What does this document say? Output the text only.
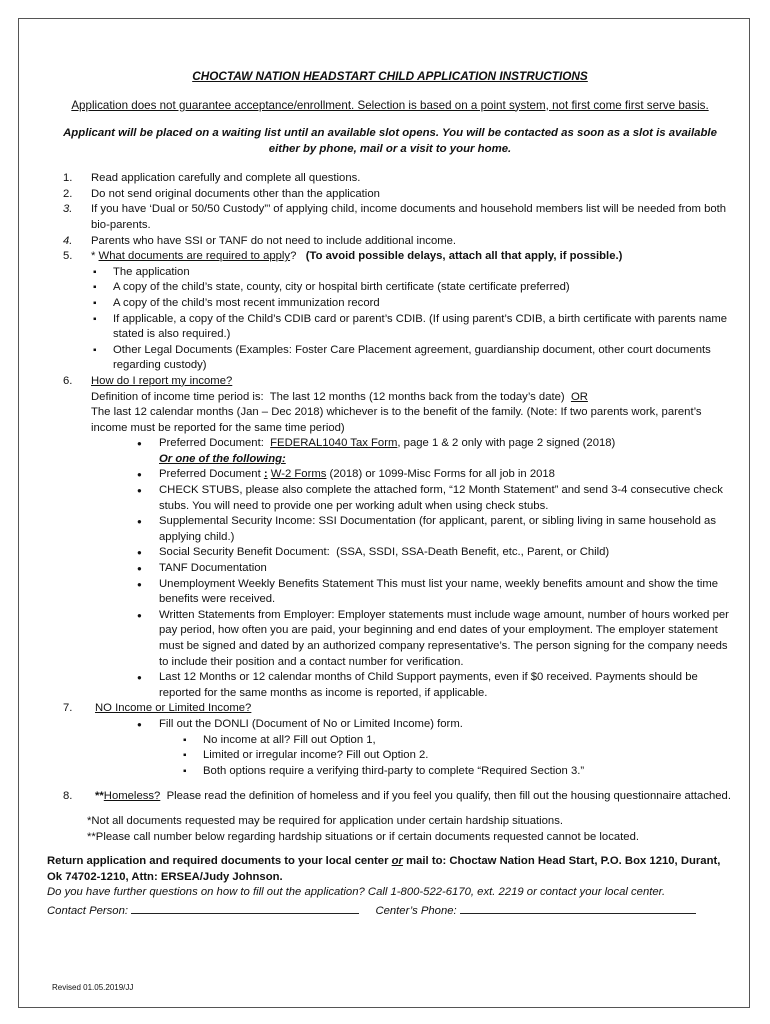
CHOCTAW NATION HEADSTART CHILD APPLICATION INSTRUCTIONS

Application does not guarantee acceptance/enrollment. Selection is based on a point system, not first come first serve basis.

Applicant will be placed on a waiting list until an available slot opens. You will be contacted as soon as a slot is available either by phone, mail or a visit to your home.

1. Read application carefully and complete all questions.
2. Do not send original documents other than the application
3. If you have ‘Dual or 50/50 Custody”’ of applying child, income documents and household members list will be needed from both bio-parents.
4. Parents who have SSI or TANF do not need to include additional income.
5. * What documents are required to apply?   (To avoid possible delays, attach all that apply, if possible.)
▪ The application
▪ A copy of the child’s state, county, city or hospital birth certificate (state certificate preferred)
▪ A copy of the child’s most recent immunization record
▪ If applicable, a copy of the Child’s CDIB card or parent’s CDIB. (If using parent’s CDIB, a birth certificate with parents name stated is also required.)
▪ Other Legal Documents (Examples: Foster Care Placement agreement, guardianship document, other court documents regarding custody)
6. How do I report my income?
Definition of income time period is:  The last 12 months (12 months back from the today’s date)  OR
The last 12 calendar months (Jan – Dec 2018) whichever is to the benefit of the family. (Note: If two parents work, parent’s income must be reported for the same time period)
● Preferred Document:  FEDERAL1040 Tax Form, page 1 & 2 only with page 2 signed (2018)
Or one of the following:
● Preferred Document : W-2 Forms (2018) or 1099-Misc Forms for all job in 2018
● CHECK STUBS, please also complete the attached form, “12 Month Statement” and send 3-4 consecutive check stubs. You will need to provide one per working adult when using check stubs.
● Supplemental Security Income: SSI Documentation (for applicant, parent, or sibling living in same household as applying child.)
● Social Security Benefit Document:  (SSA, SSDI, SSA-Death Benefit, etc., Parent, or Child)
● TANF Documentation
● Unemployment Weekly Benefits Statement This must list your name, weekly benefits amount and show the time benefits were received.
● Written Statements from Employer: Employer statements must include wage amount, number of hours worked per pay period, how often you are paid, your beginning and end dates of your employment. The employer statement must be signed and dated by an authorized company representative’s. The person signing for the company needs to include their position and a contact number for verification.
● Last 12 Months or 12 calendar months of Child Support payments, even if $0 received. Payments should be reported for the same months as income is reported, if applicable.
7. NO Income or Limited Income?
● Fill out the DONLI (Document of No or Limited Income) form.
▪ No income at all? Fill out Option 1,
▪ Limited or irregular income? Fill out Option 2.
▪ Both options require a verifying third-party to complete “Required Section 3.”
8. **Homeless?  Please read the definition of homeless and if you feel you qualify, then fill out the housing questionnaire attached.
*Not all documents requested may be required for application under certain hardship situations.
**Please call number below regarding hardship situations or if certain documents requested cannot be located.

Return application and required documents to your local center or mail to: Choctaw Nation Head Start, P.O. Box 1210, Durant, Ok 74702-1210, Attn: ERSEA/Judy Johnson.

Do you have further questions on how to fill out the application? Call 1-800-522-6170, ext. 2219 or contact your local center.

Contact Person:	Center’s Phone:

Revised 01.05.2019/JJ
